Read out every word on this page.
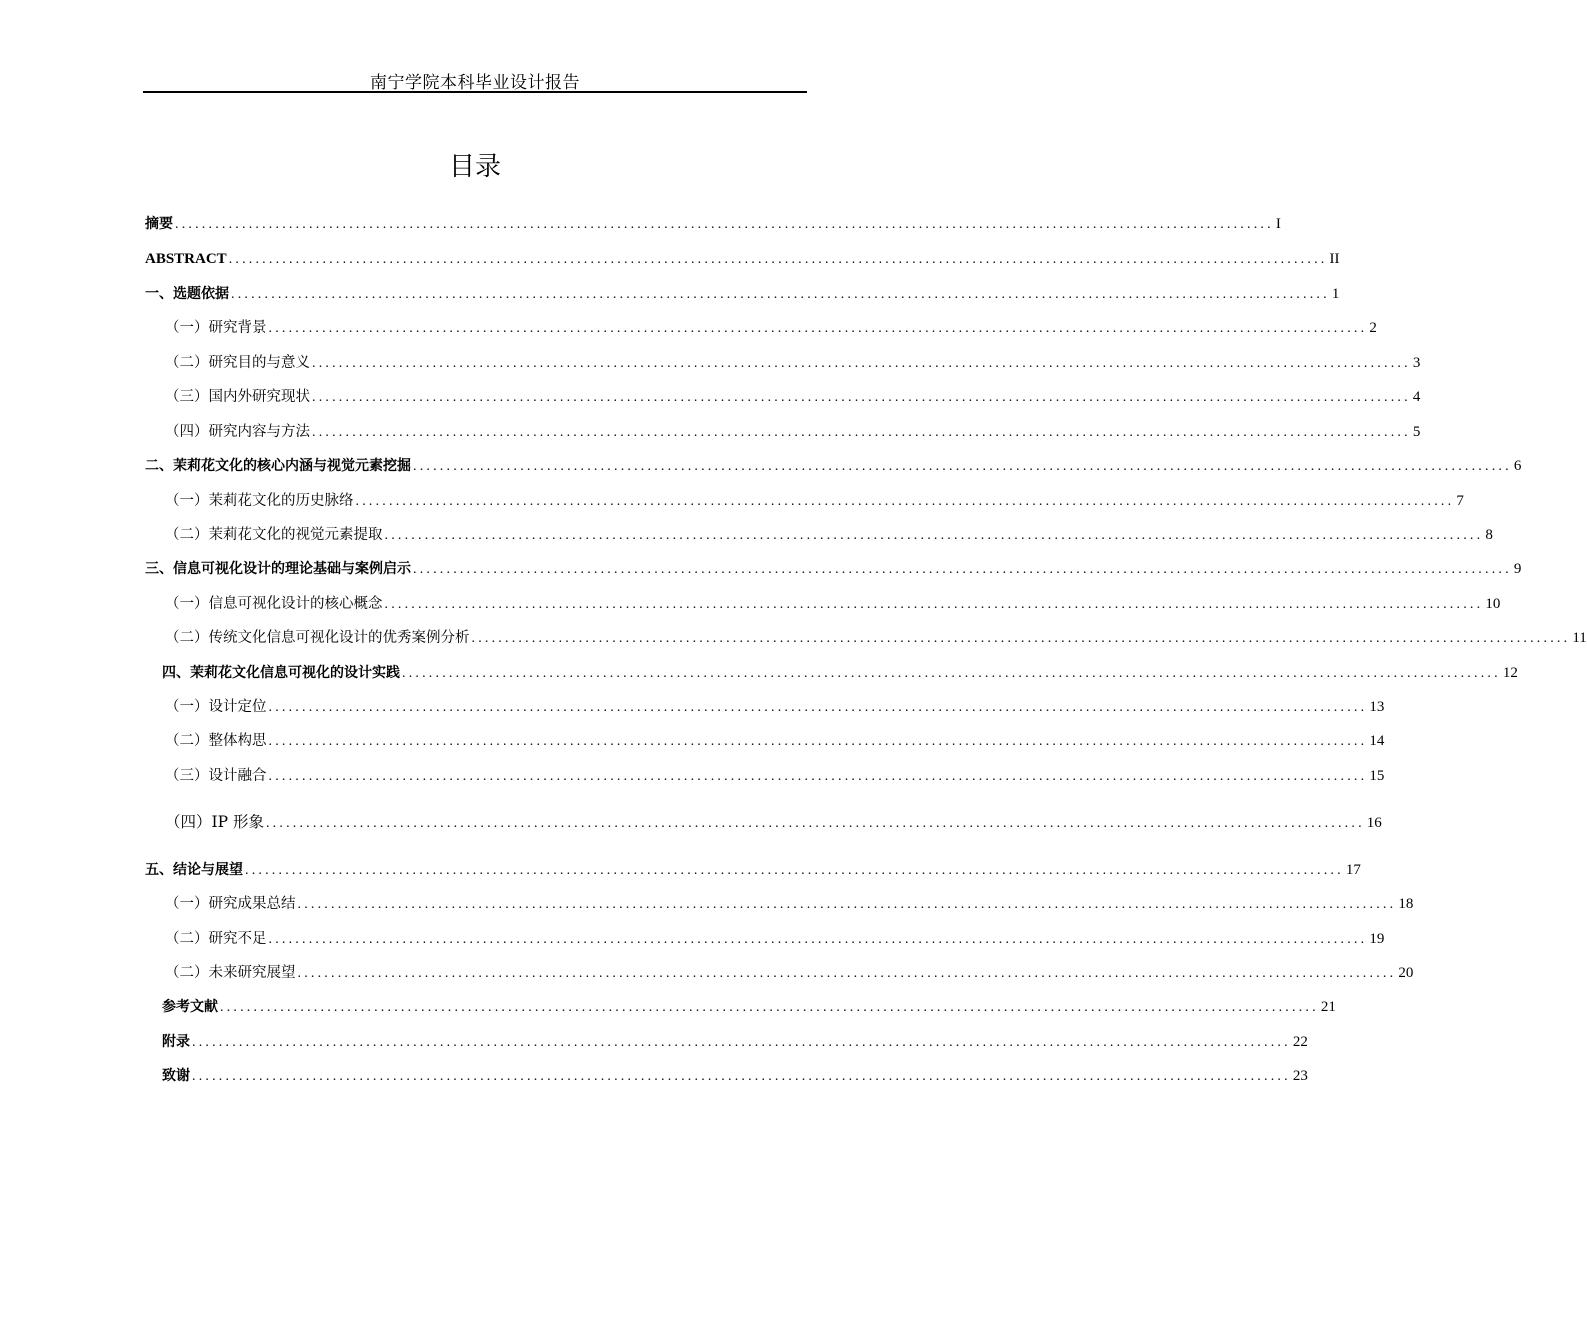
南宁学院本科毕业设计报告
目录
摘要 .................................................................................................................................................................... I
ABSTRACT .................................................................................................................................................................... II
一、选题依据 .................................................................................................................................................................... 1
（一）研究背景 .................................................................................................................................................................... 2
（二）研究目的与意义 .................................................................................................................................................................... 3
（三）国内外研究现状 .................................................................................................................................................................... 4
（四）研究内容与方法 .................................................................................................................................................................... 5
二、茉莉花文化的核心内涵与视觉元素挖掘 .................................................................................................................................................................... 6
（一）茉莉花文化的历史脉络 .................................................................................................................................................................... 7
（二）茉莉花文化的视觉元素提取 .................................................................................................................................................................... 8
三、信息可视化设计的理论基础与案例启示 .................................................................................................................................................................... 9
（一）信息可视化设计的核心概念 .................................................................................................................................................................... 10
（二）传统文化信息可视化设计的优秀案例分析 .................................................................................................................................................................... 11
四、茉莉花文化信息可视化的设计实践 .................................................................................................................................................................... 12
（一）设计定位 .................................................................................................................................................................... 13
（二）整体构思 .................................................................................................................................................................... 14
（三）设计融合 .................................................................................................................................................................... 15
（四）IP 形象 .................................................................................................................................................................... 16
五、结论与展望 .................................................................................................................................................................... 17
（一）研究成果总结 .................................................................................................................................................................... 18
（二）研究不足 .................................................................................................................................................................... 19
（二）未来研究展望 .................................................................................................................................................................... 20
参考文献 .................................................................................................................................................................... 21
附录 .................................................................................................................................................................... 22
致谢 .................................................................................................................................................................... 23
